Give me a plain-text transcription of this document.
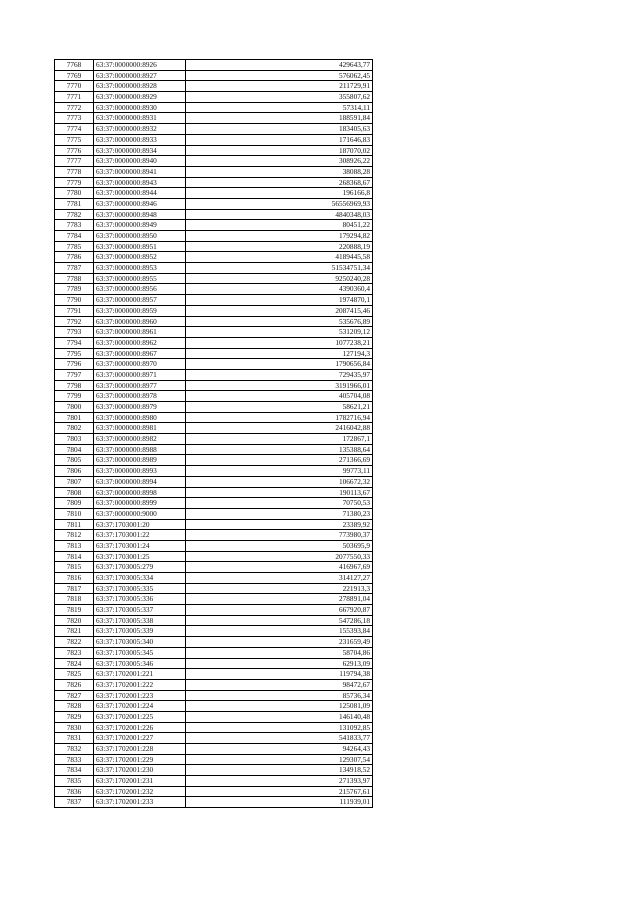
7768	63:37:0000000:8926	429643,77
7769	63:37:0000000:8927	576062,45
7770	63:37:0000000:8928	211729,91
7771	63:37:0000000:8929	355807,62
7772	63:37:0000000:8930	57314,11
7773	63:37:0000000:8931	188591,84
7774	63:37:0000000:8932	183405,63
7775	63:37:0000000:8933	171646,83
7776	63:37:0000000:8934	187070,02
7777	63:37:0000000:8940	308926,22
7778	63:37:0000000:8941	38088,28
7779	63:37:0000000:8943	268368,67
7780	63:37:0000000:8944	196166,8
7781	63:37:0000000:8946	56556969,93
7782	63:37:0000000:8948	4840348,03
7783	63:37:0000000:8949	80451,22
7784	63:37:0000000:8950	179294,82
7785	63:37:0000000:8951	220888,19
7786	63:37:0000000:8952	4189445,58
7787	63:37:0000000:8953	51534751,34
7788	63:37:0000000:8955	9250240,28
7789	63:37:0000000:8956	4390360,4
7790	63:37:0000000:8957	1974870,1
7791	63:37:0000000:8959	2087415,46
7792	63:37:0000000:8960	535676,89
7793	63:37:0000000:8961	531209,12
7794	63:37:0000000:8962	1077238,21
7795	63:37:0000000:8967	127194,3
7796	63:37:0000000:8970	1790656,84
7797	63:37:0000000:8971	729435,97
7798	63:37:0000000:8977	3191966,01
7799	63:37:0000000:8978	405704,08
7800	63:37:0000000:8979	58621,21
7801	63:37:0000000:8980	1782716,94
7802	63:37:0000000:8981	2416042,88
7803	63:37:0000000:8982	172867,1
7804	63:37:0000000:8988	135388,64
7805	63:37:0000000:8989	271366,69
7806	63:37:0000000:8993	99773,11
7807	63:37:0000000:8994	106672,32
7808	63:37:0000000:8998	190113,67
7809	63:37:0000000:8999	70750,53
7810	63:37:0000000:9000	71380,23
7811	63:37:1703001:20	23389,92
7812	63:37:1703001:22	773980,37
7813	63:37:1703001:24	503695,9
7814	63:37:1703001:25	2077550,33
7815	63:37:1703005:279	416967,69
7816	63:37:1703005:334	314127,27
7817	63:37:1703005:335	221913,3
7818	63:37:1703005:336	278891,04
7819	63:37:1703005:337	667920,87
7820	63:37:1703005:338	547286,18
7821	63:37:1703005:339	155393,84
7822	63:37:1703005:340	231659,49
7823	63:37:1703005:345	58704,86
7824	63:37:1703005:346	62913,09
7825	63:37:1702001:221	119794,38
7826	63:37:1702001:222	98472,67
7827	63:37:1702001:223	85736,34
7828	63:37:1702001:224	125081,09
7829	63:37:1702001:225	146140,48
7830	63:37:1702001:226	131092,85
7831	63:37:1702001:227	541833,77
7832	63:37:1702001:228	94264,43
7833	63:37:1702001:229	129307,54
7834	63:37:1702001:230	134918,52
7835	63:37:1702001:231	271393,97
7836	63:37:1702001:232	215767,61
7837	63:37:1702001:233	111939,01
